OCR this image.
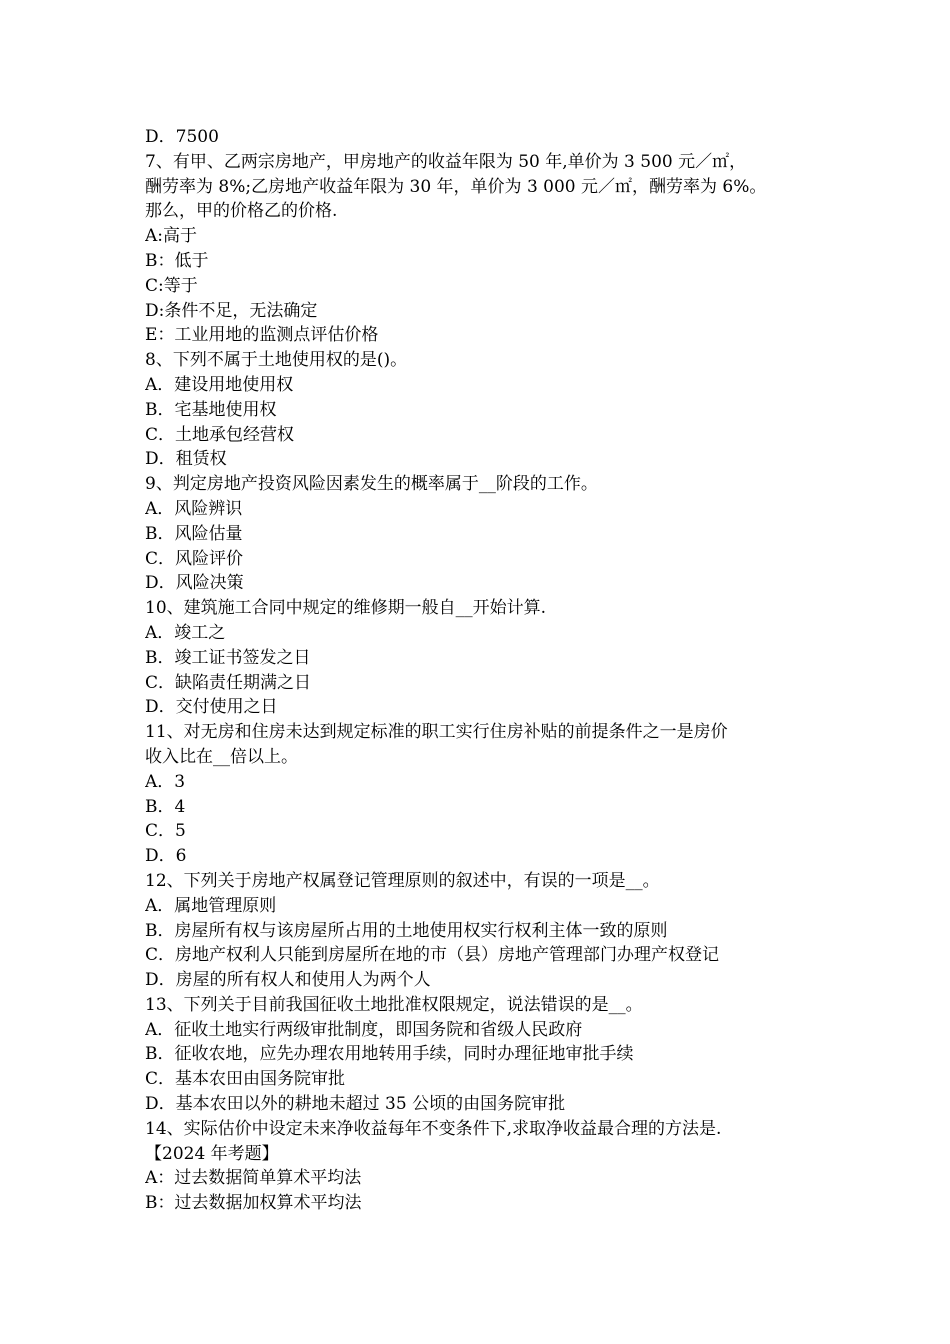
D．7500
7、有甲、乙两宗房地产，甲房地产的收益年限为 50 年,单价为 3 500 元／㎡，
酬劳率为 8%;乙房地产收益年限为 30 年，单价为 3 000 元／㎡，酬劳率为 6%。
那么，甲的价格乙的价格.
A:高于
B：低于
C:等于
D:条件不足，无法确定
E：工业用地的监测点评估价格
8、下列不属于土地使用权的是()。
A．建设用地使用权
B．宅基地使用权
C．土地承包经营权
D．租赁权
9、判定房地产投资风险因素发生的概率属于__阶段的工作。
A．风险辨识
B．风险估量
C．风险评价
D．风险决策
10、建筑施工合同中规定的维修期一般自__开始计算.
A．竣工之
B．竣工证书签发之日
C．缺陷责任期满之日
D．交付使用之日
11、对无房和住房未达到规定标准的职工实行住房补贴的前提条件之一是房价
收入比在__倍以上。
A．3
B．4
C．5
D．6
12、下列关于房地产权属登记管理原则的叙述中，有误的一项是__。
A．属地管理原则
B．房屋所有权与该房屋所占用的土地使用权实行权利主体一致的原则
C．房地产权利人只能到房屋所在地的市（县）房地产管理部门办理产权登记
D．房屋的所有权人和使用人为两个人
13、下列关于目前我国征收土地批准权限规定，说法错误的是__。
A．征收土地实行两级审批制度，即国务院和省级人民政府
B．征收农地，应先办理农用地转用手续，同时办理征地审批手续
C．基本农田由国务院审批
D．基本农田以外的耕地未超过 35 公顷的由国务院审批
14、实际估价中设定未来净收益每年不变条件下,求取净收益最合理的方法是.
【2024 年考题】
A：过去数据简单算术平均法
B：过去数据加权算术平均法
